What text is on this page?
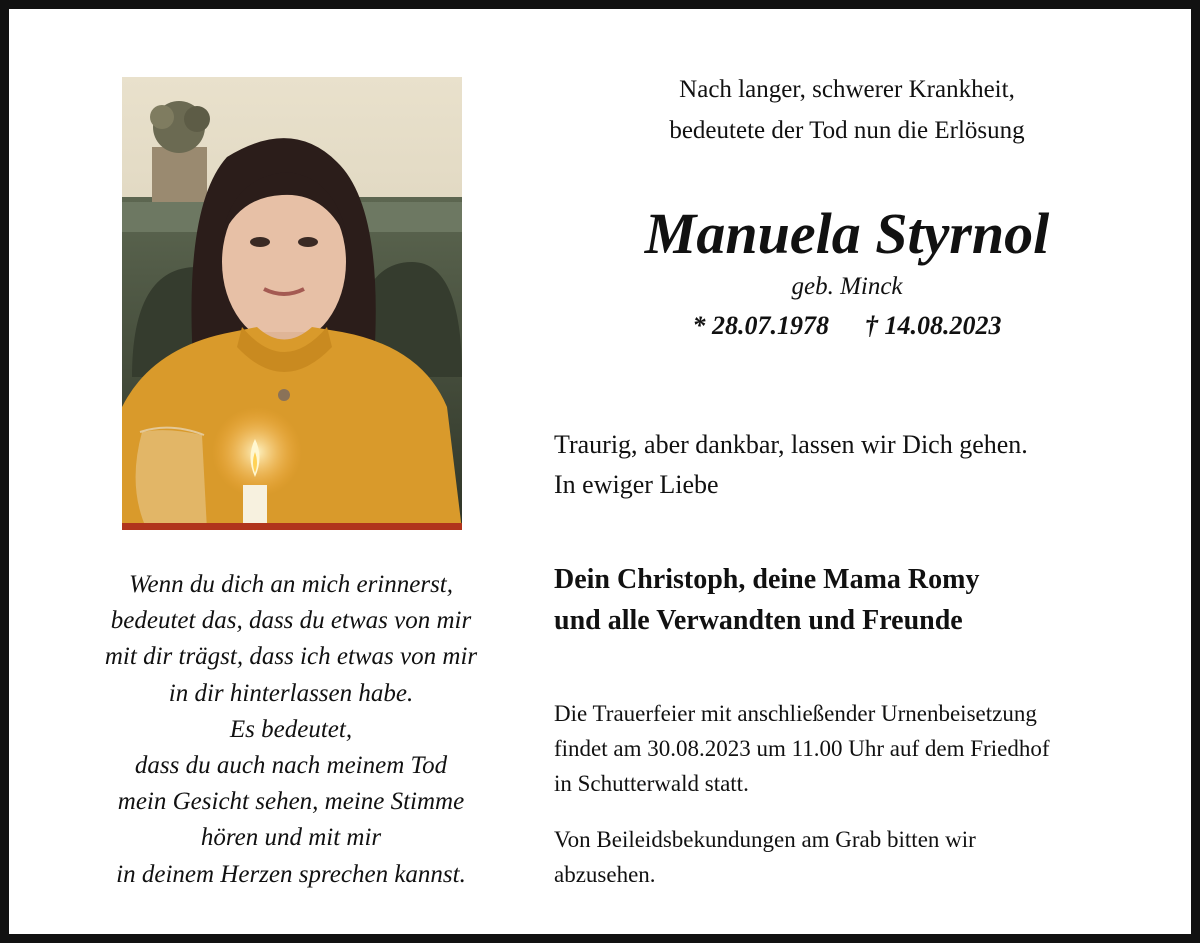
Wenn du dich an mich erinnerst,
bedeutet das, dass du etwas von mir
mit dir trägst, dass ich etwas von mir
in dir hinterlassen habe.
Es bedeutet,
dass du auch nach meinem Tod
mein Gesicht sehen, meine Stimme
hören und mit mir
in deinem Herzen sprechen kannst.
Nach langer, schwerer Krankheit,
bedeutete der Tod nun die Erlösung
Manuela Styrnol
geb. Minck
* 28.07.1978 † 14.08.2023
Traurig, aber dankbar, lassen wir Dich gehen.
In ewiger Liebe
Dein Christoph, deine Mama Romy
und alle Verwandten und Freunde
Die Trauerfeier mit anschließender Urnenbeisetzung
findet am 30.08.2023 um 11.00 Uhr auf dem Friedhof
in Schutterwald statt.
Von Beileidsbekundungen am Grab bitten wir
abzusehen.
